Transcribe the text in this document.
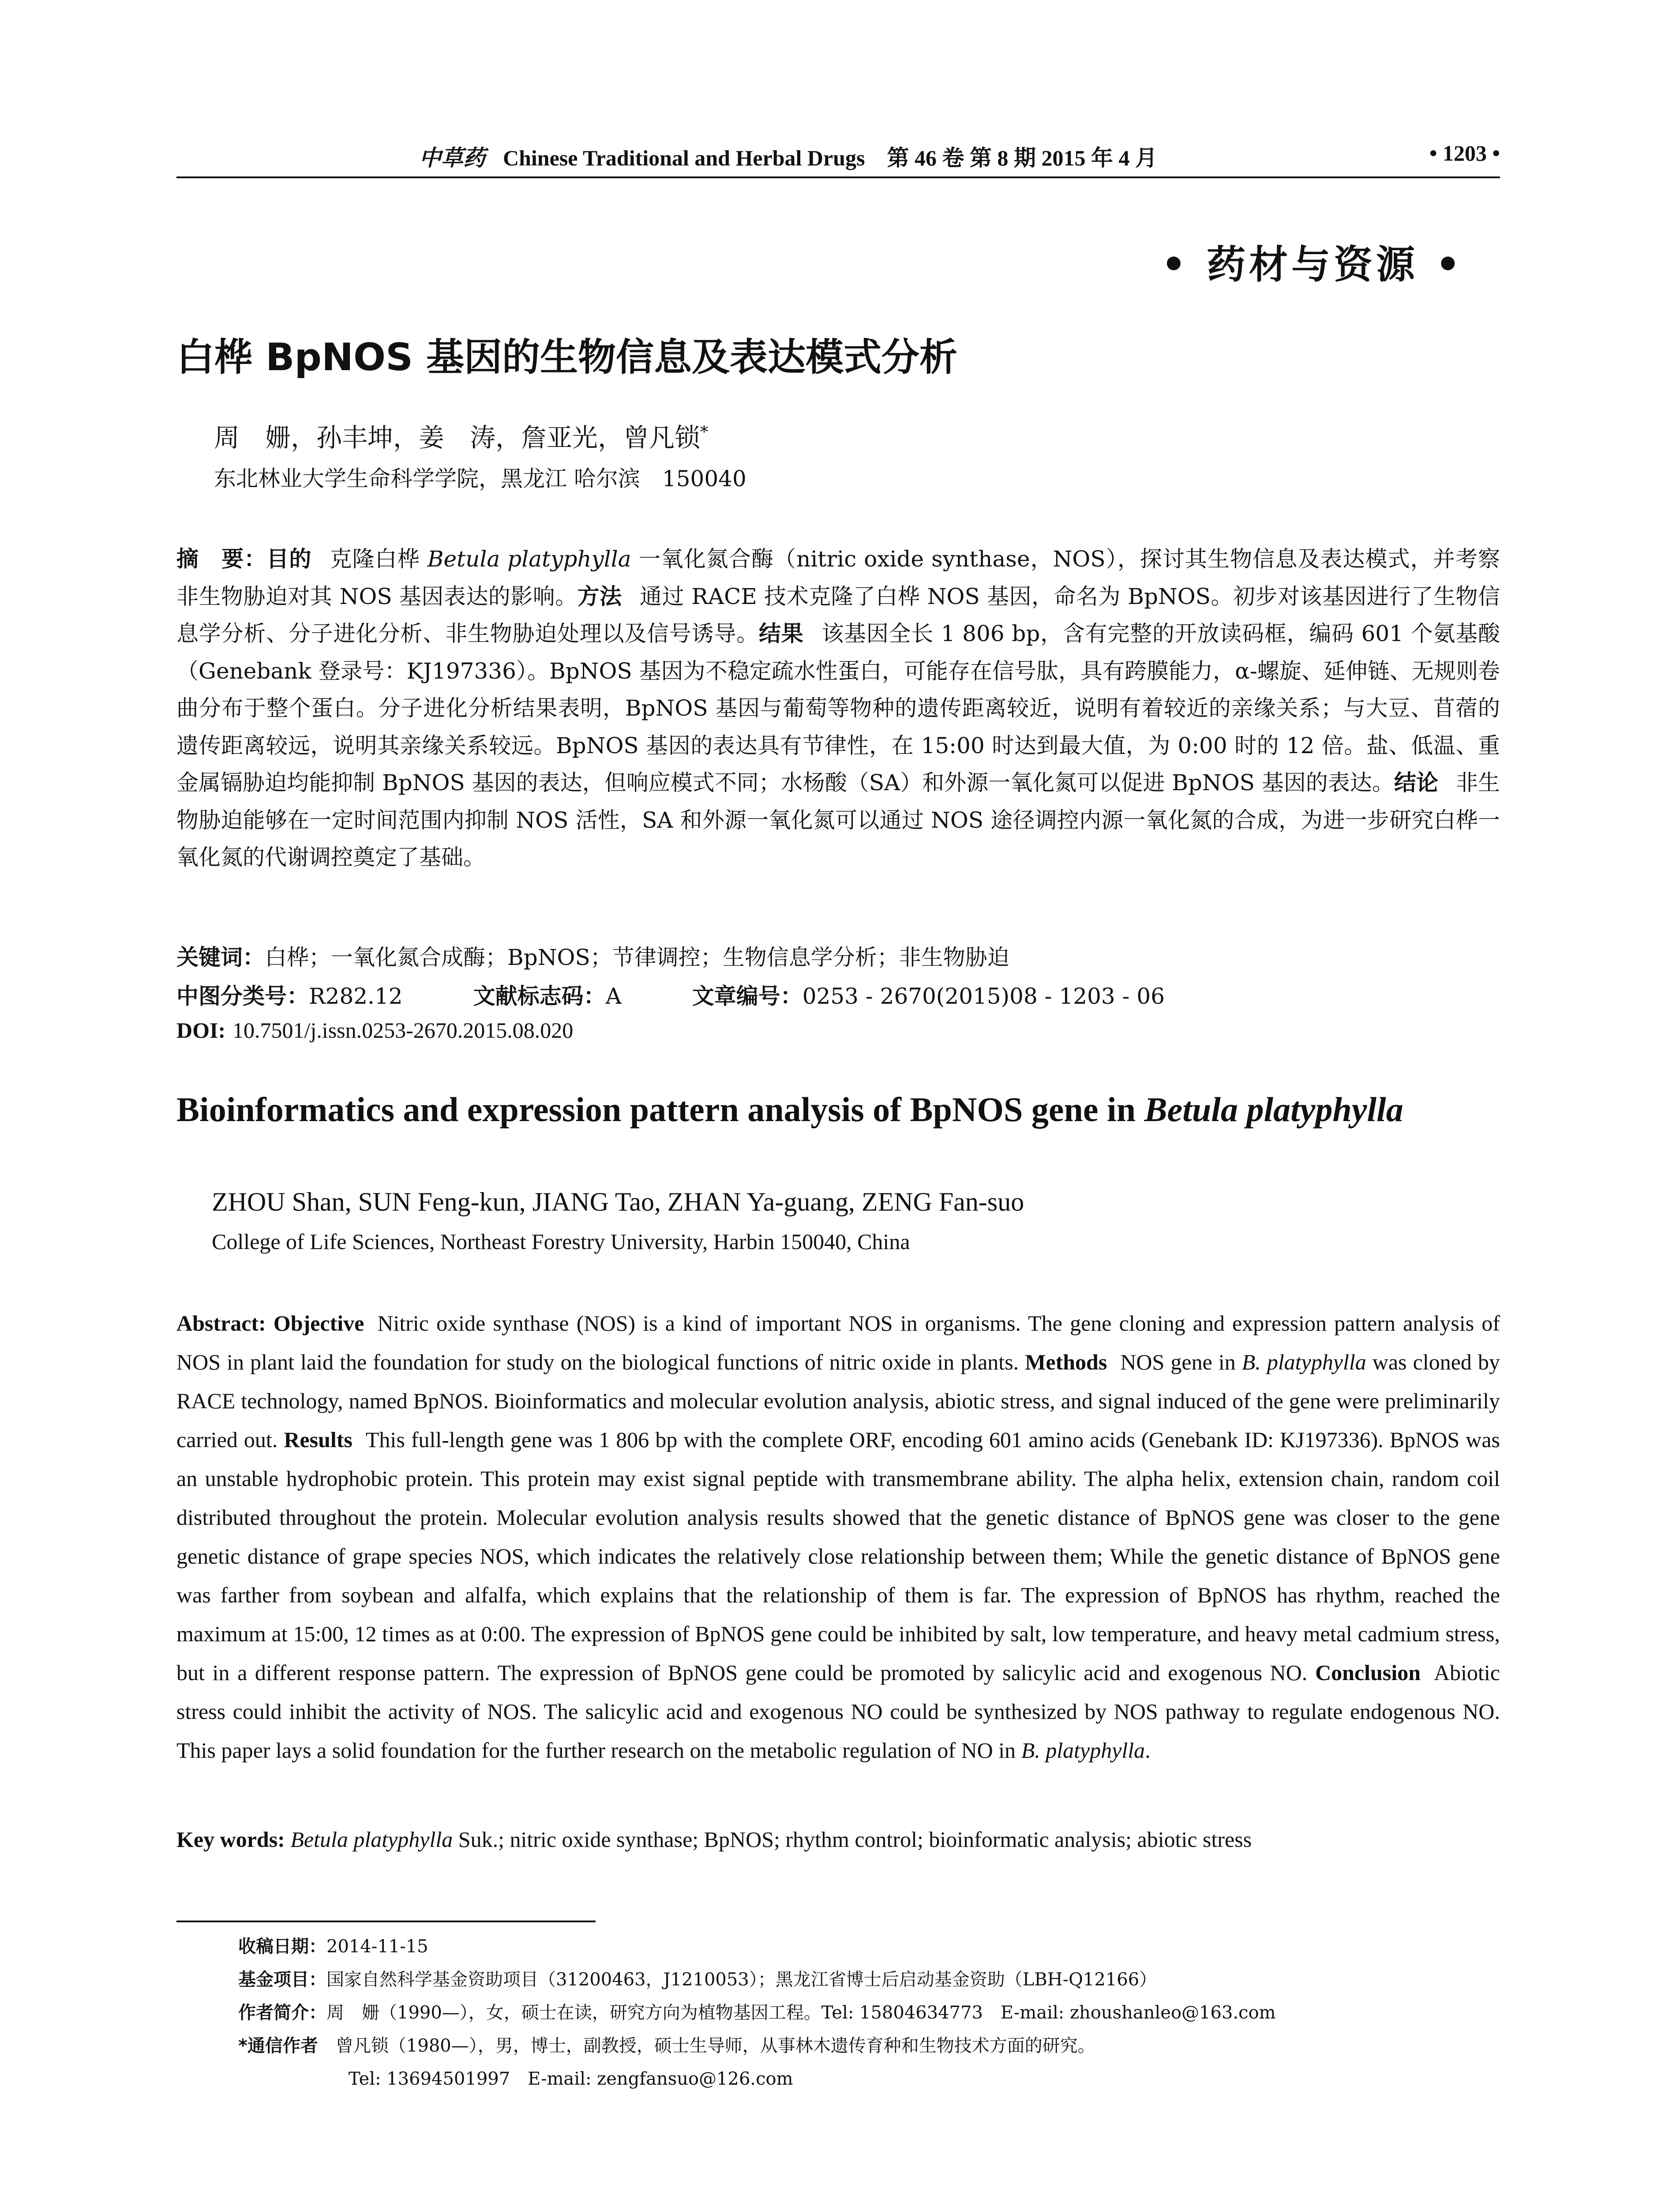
中草药 Chinese Traditional and Herbal Drugs 第 46 卷 第 8 期 2015 年 4 月	• 1203 •
• 药材与资源 •
白桦 BpNOS 基因的生物信息及表达模式分析
周　姗，孙丰坤，姜　涛，詹亚光，曾凡锁*
东北林业大学生命科学学院，黑龙江 哈尔滨　150040
摘　要：目的 克隆白桦 Betula platyphylla 一氧化氮合酶（nitric oxide synthase，NOS），探讨其生物信息及表达模式，并考察非生物胁迫对其 NOS 基因表达的影响。方法 通过 RACE 技术克隆了白桦 NOS 基因，命名为 BpNOS。初步对该基因进行了生物信息学分析、分子进化分析、非生物胁迫处理以及信号诱导。结果 该基因全长 1 806 bp，含有完整的开放读码框，编码 601 个氨基酸（Genebank 登录号：KJ197336）。BpNOS 基因为不稳定疏水性蛋白，可能存在信号肽，具有跨膜能力，α-螺旋、延伸链、无规则卷曲分布于整个蛋白。分子进化分析结果表明，BpNOS 基因与葡萄等物种的遗传距离较近，说明有着较近的亲缘关系；与大豆、苜蓿的遗传距离较远，说明其亲缘关系较远。BpNOS 基因的表达具有节律性，在 15:00 时达到最大值，为 0:00 时的 12 倍。盐、低温、重金属镉胁迫均能抑制 BpNOS 基因的表达，但响应模式不同；水杨酸（SA）和外源一氧化氮可以促进 BpNOS 基因的表达。结论 非生物胁迫能够在一定时间范围内抑制 NOS 活性，SA 和外源一氧化氮可以通过 NOS 途径调控内源一氧化氮的合成，为进一步研究白桦一氧化氮的代谢调控奠定了基础。
关键词：白桦；一氧化氮合成酶；BpNOS；节律调控；生物信息学分析；非生物胁迫
中图分类号：R282.12	文献标志码：A	文章编号：0253 - 2670(2015)08 - 1203 - 06
DOI: 10.7501/j.issn.0253-2670.2015.08.020
Bioinformatics and expression pattern analysis of BpNOS gene in Betula platyphylla
ZHOU Shan, SUN Feng-kun, JIANG Tao, ZHAN Ya-guang, ZENG Fan-suo
College of Life Sciences, Northeast Forestry University, Harbin 150040, China
Abstract: Objective Nitric oxide synthase (NOS) is a kind of important NOS in organisms. The gene cloning and expression pattern analysis of NOS in plant laid the foundation for study on the biological functions of nitric oxide in plants. Methods NOS gene in B. platyphylla was cloned by RACE technology, named BpNOS. Bioinformatics and molecular evolution analysis, abiotic stress, and signal induced of the gene were preliminarily carried out. Results This full-length gene was 1 806 bp with the complete ORF, encoding 601 amino acids (Genebank ID: KJ197336). BpNOS was an unstable hydrophobic protein. This protein may exist signal peptide with transmembrane ability. The alpha helix, extension chain, random coil distributed throughout the protein. Molecular evolution analysis results showed that the genetic distance of BpNOS gene was closer to the gene genetic distance of grape species NOS, which indicates the relatively close relationship between them; While the genetic distance of BpNOS gene was farther from soybean and alfalfa, which explains that the relationship of them is far. The expression of BpNOS has rhythm, reached the maximum at 15:00, 12 times as at 0:00. The expression of BpNOS gene could be inhibited by salt, low temperature, and heavy metal cadmium stress, but in a different response pattern. The expression of BpNOS gene could be promoted by salicylic acid and exogenous NO. Conclusion Abiotic stress could inhibit the activity of NOS. The salicylic acid and exogenous NO could be synthesized by NOS pathway to regulate endogenous NO. This paper lays a solid foundation for the further research on the metabolic regulation of NO in B. platyphylla.
Key words: Betula platyphylla Suk.; nitric oxide synthase; BpNOS; rhythm control; bioinformatic analysis; abiotic stress
收稿日期：2014-11-15
基金项目：国家自然科学基金资助项目（31200463，J1210053）；黑龙江省博士后启动基金资助（LBH-Q12166）
作者简介：周　姗（1990—），女，硕士在读，研究方向为植物基因工程。Tel: 15804634773　E-mail: zhoushanleo@163.com
*通信作者　 曾凡锁（1980—），男，博士，副教授，硕士生导师，从事林木遗传育种和生物技术方面的研究。
Tel: 13694501997　E-mail: zengfansuo@126.com
